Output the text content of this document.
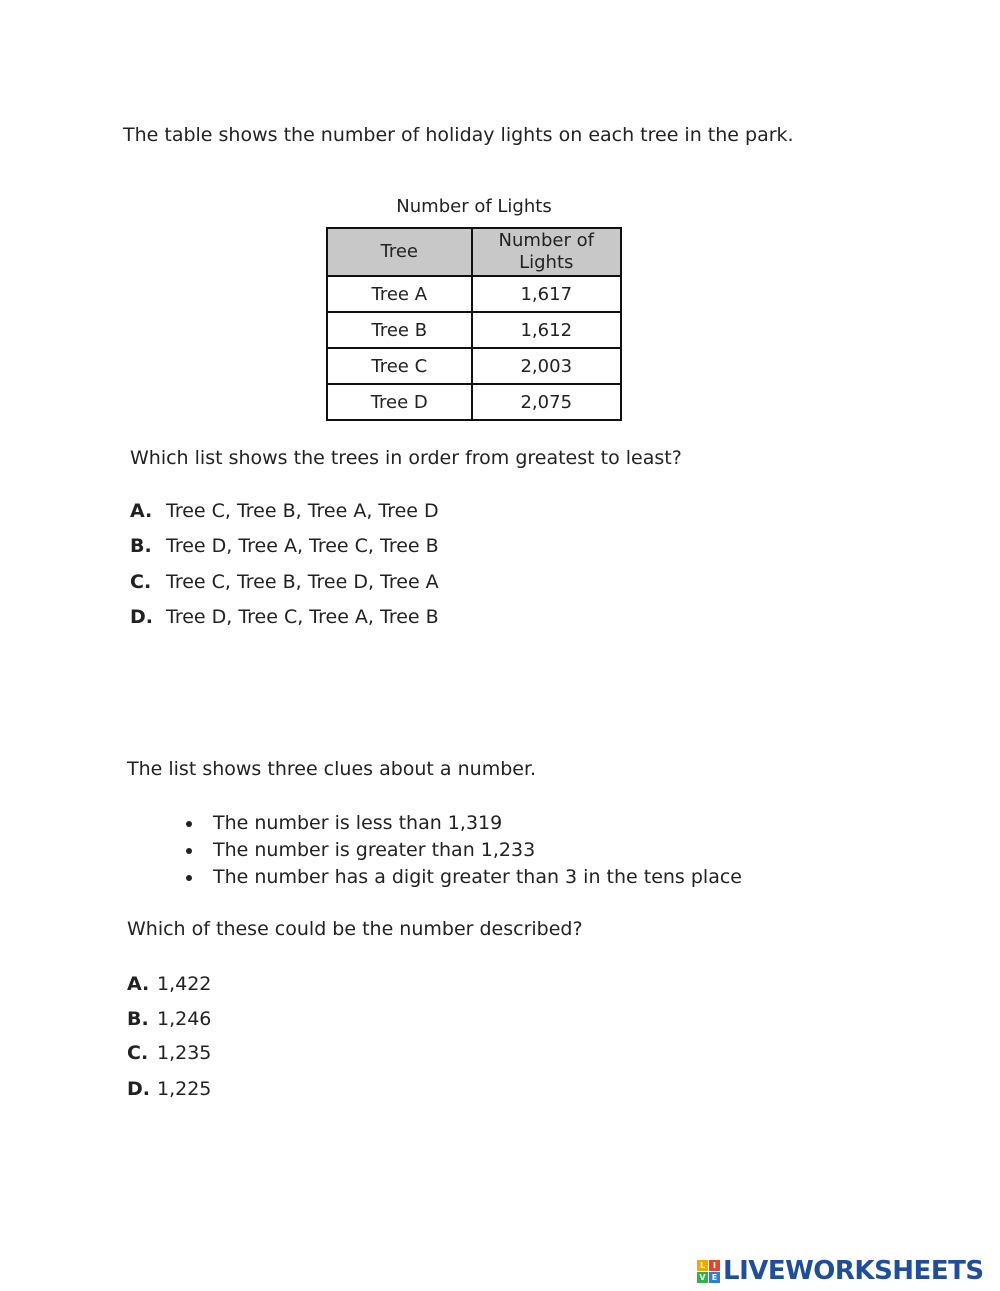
The table shows the number of holiday lights on each tree in the park.
Number of Lights
Tree	Number of Lights
Tree A	1,617
Tree B	1,612
Tree C	2,003
Tree D	2,075
Which list shows the trees in order from greatest to least?
A. Tree C, Tree B, Tree A, Tree D
B. Tree D, Tree A, Tree C, Tree B
C. Tree C, Tree B, Tree D, Tree A
D. Tree D, Tree C, Tree A, Tree B
The list shows three clues about a number.
The number is less than 1,319
The number is greater than 1,233
The number has a digit greater than 3 in the tens place
Which of these could be the number described?
A. 1,422
B. 1,246
C. 1,235
D. 1,225
L I
V E LIVEWORKSHEETS
